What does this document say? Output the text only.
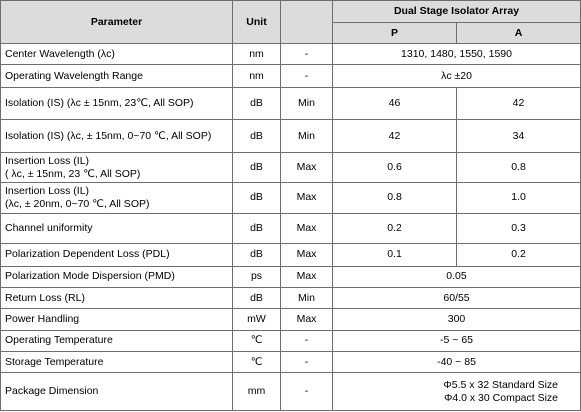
Parameter	Unit		Dual Stage Isolator Array	
			P	A
Center Wavelength (λc)	nm	-	1310, 1480, 1550, 1590	
Operating Wavelength Range	nm	-	λc ±20	
Isolation (IS) (λc ± 15nm, 23℃, All SOP)	dB	Min	46	42
Isolation (IS) (λc, ± 15nm, 0~70 ℃, All SOP)	dB	Min	42	34

Insertion Loss (IL)
( λc, ± 15nm, 23 ℃, All SOP)	dB	Max	0.6	0.8

Insertion Loss (IL)
(λc, ± 20nm, 0~70 ℃, All SOP)	dB	Max	0.8	1.0
Channel uniformity	dB	Max	0.2	0.3
Polarization Dependent Loss (PDL)	dB	Max	0.1	0.2
Polarization Mode Dispersion (PMD)	ps	Max	0.05	
Return Loss (RL)	dB	Min	60/55	
Power Handling	mW	Max	300	
Operating Temperature	℃	-	-5 ~ 65	
Storage Temperature	℃	-	-40 ~ 85	
Package Dimension	mm	-	Φ5.5 x 32 Standard Size
Φ4.0 x 30 Compact Size	
